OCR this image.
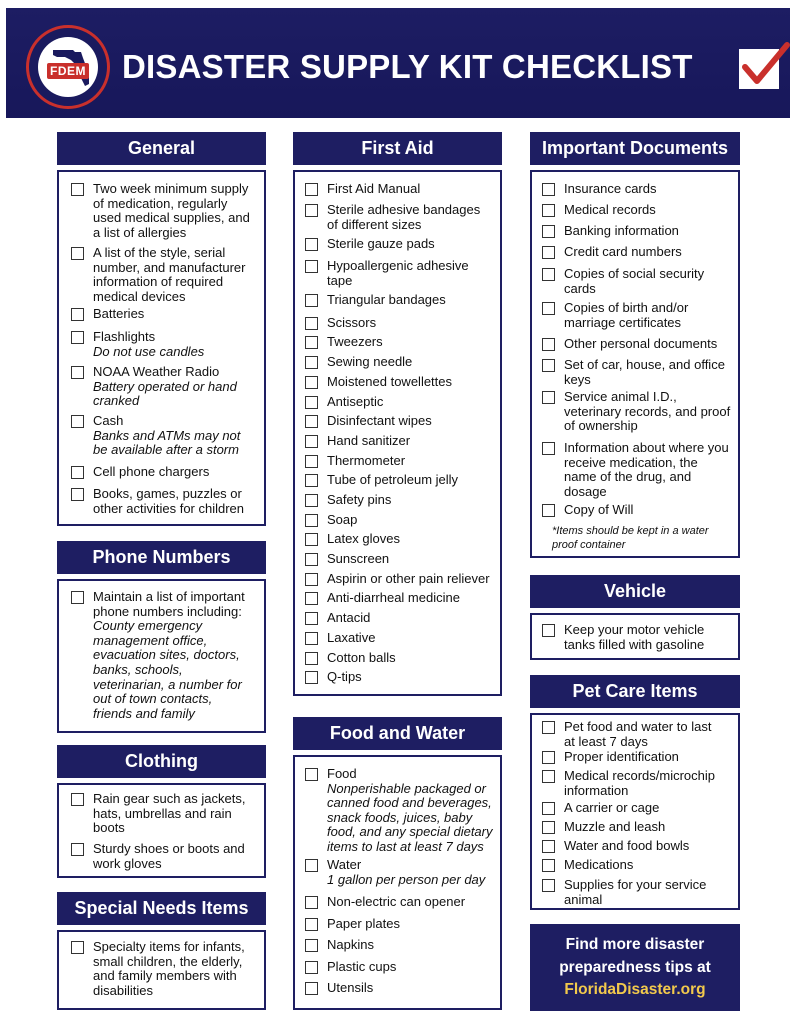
FDEM	DISASTER SUPPLY KIT CHECKLIST
General
Phone Numbers
Clothing
Special Needs Items
First Aid
Food and Water
Important Documents
Vehicle
Pet Care Items
Two week minimum supply
of medication, regularly
used medical supplies, and
a list of allergies
A list of the style, serial
number, and manufacturer
information of required
medical devices
Batteries
Flashlights
Do not use candles
NOAA Weather Radio
Battery operated or hand
cranked
Cash
Banks and ATMs may not
be available after a storm
Cell phone chargers
Books, games, puzzles or
other activities for children
Maintain a list of important
phone numbers including:
County emergency
management office,
evacuation sites, doctors,
banks, schools,
veterinarian, a number for
out of town contacts,
friends and family
Rain gear such as jackets,
hats, umbrellas and rain
boots
Sturdy shoes or boots and
work gloves
Specialty items for infants,
small children, the elderly,
and family members with
disabilities
First Aid Manual
Sterile adhesive bandages
of different sizes
Sterile gauze pads
Hypoallergenic adhesive
tape
Triangular bandages
Scissors
Tweezers
Sewing needle
Moistened towellettes
Antiseptic
Disinfectant wipes
Hand sanitizer
Thermometer
Tube of petroleum jelly
Safety pins
Soap
Latex gloves
Sunscreen
Aspirin or other pain reliever
Anti-diarrheal medicine
Antacid
Laxative
Cotton balls
Q-tips
Food
Nonperishable packaged or
canned food and beverages,
snack foods, juices, baby
food, and any special dietary
items to last at least 7 days
Water
1 gallon per person per day
Non-electric can opener
Paper plates
Napkins
Plastic cups
Utensils
Insurance cards
Medical records
Banking information
Credit card numbers
Copies of social security
cards
Copies of birth and/or
marriage certificates
Other personal documents
Set of car, house, and office
keys
Service animal I.D.,
veterinary records, and proof
of ownership
Information about where you
receive medication, the
name of the drug, and
dosage
Copy of Will
Keep your motor vehicle
tanks filled with gasoline
Pet food and water to last
at least 7 days
Proper identification
Medical records/microchip
information
A carrier or cage
Muzzle and leash
Water and food bowls
Medications
Supplies for your service
animal
*Items should be kept in a water
proof container
Find more disaster
preparedness tips at
FloridaDisaster.org
